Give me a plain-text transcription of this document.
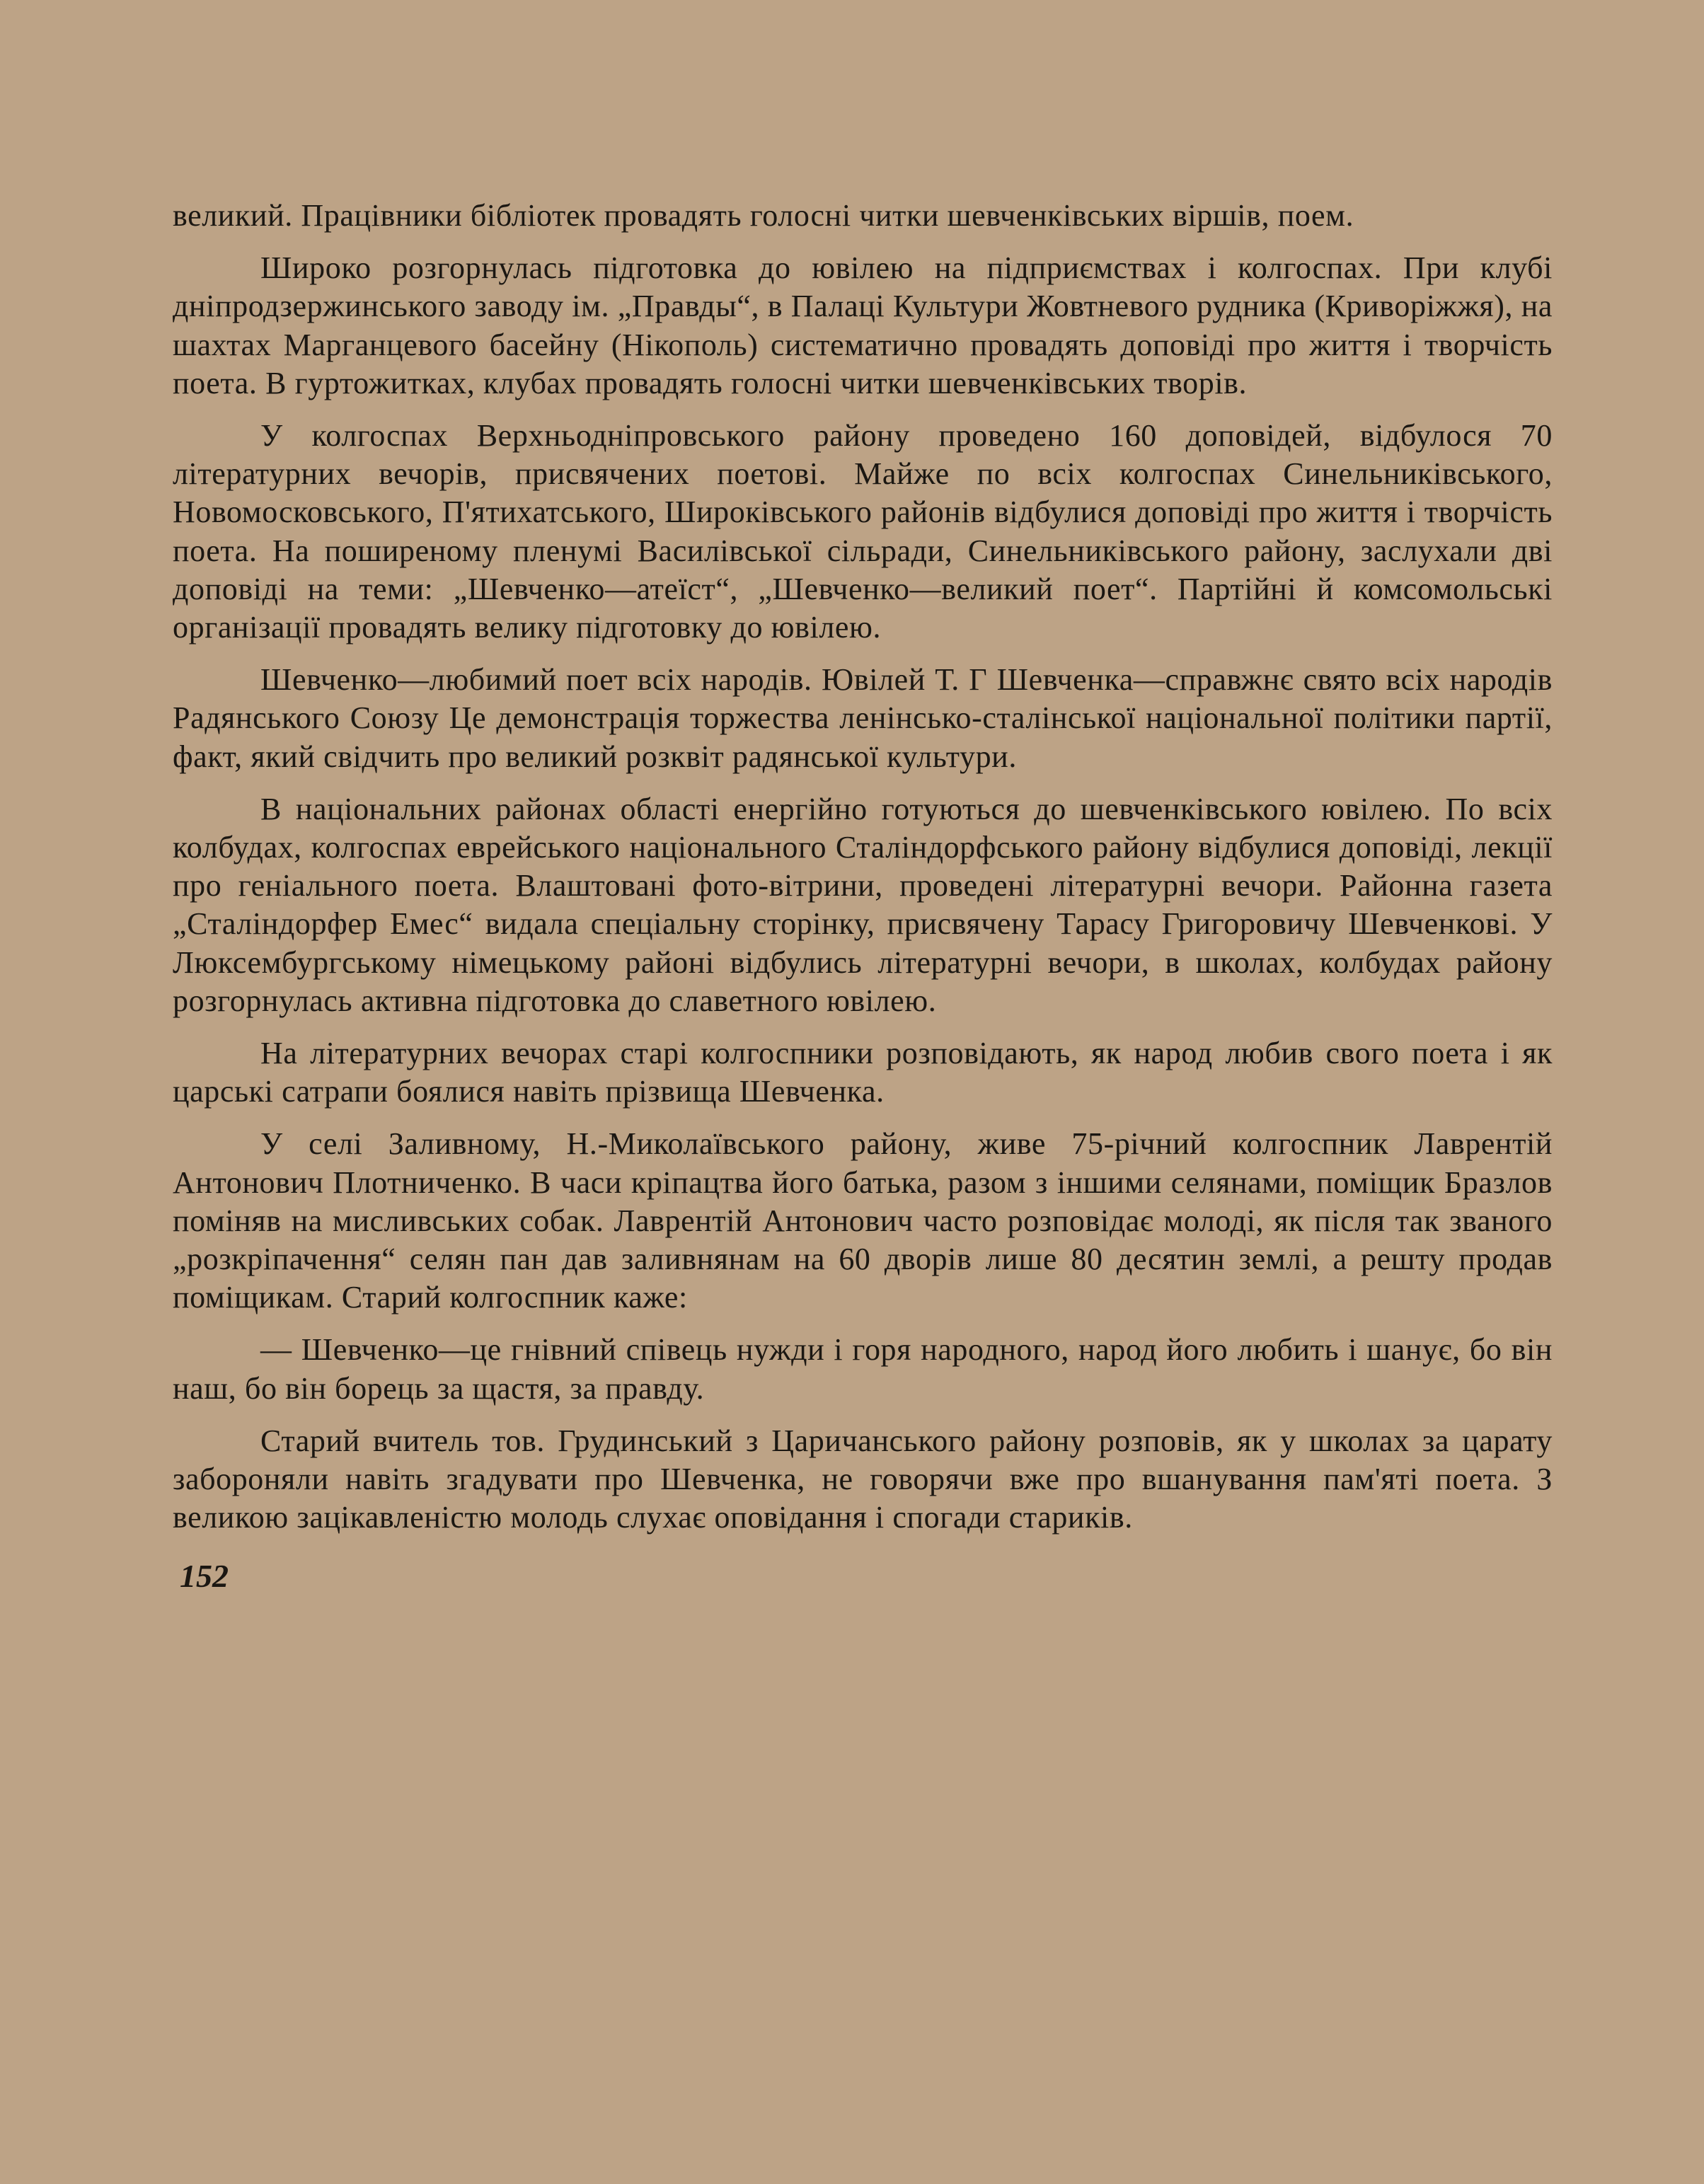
великий. Працівники бібліотек провадять голосні читки шевченківських віршів, поем.

Широко розгорнулась підготовка до ювілею на підприємствах і колгоспах. При клубі дніпродзержинського заводу ім. „Правды“, в Палаці Культури Жовтневого рудника (Криворіжжя), на шахтах Марганцевого басейну (Нікополь) систематично провадять доповіді про життя і творчість поета. В гуртожитках, клубах провадять голосні читки шевченківських творів.

У колгоспах Верхньодніпровського району проведено 160 доповідей, відбулося 70 літературних вечорів, присвячених поетові. Майже по всіх колгоспах Синельниківського, Новомосковського, П'ятихатського, Широківського районів відбулися доповіді про життя і творчість поета. На поширеному пленумі Василівської сільради, Синельниківського району, заслухали дві доповіді на теми: „Шевченко—атеїст“, „Шевченко—великий поет“. Партійні й комсомольські організації провадять велику підготовку до ювілею.

Шевченко—любимий поет всіх народів. Ювілей Т. Г Шевченка—справжнє свято всіх народів Радянського Союзу Це демонстрація торжества ленінсько-сталінської національної політики партії, факт, який свідчить про великий розквіт радянської культури.

В національних районах області енергійно готуються до шевченківського ювілею. По всіх колбудах, колгоспах еврейського національного Сталіндорфського району відбулися доповіді, лекції про геніального поета. Влаштовані фото-вітрини, проведені літературні вечори. Районна газета „Сталіндорфер Емес“ видала спеціальну сторінку, присвячену Тарасу Григоровичу Шевченкові. У Люксембургському німецькому районі відбулись літературні вечори, в школах, колбудах району розгорнулась активна підготовка до славетного ювілею.

На літературних вечорах старі колгоспники розповідають, як народ любив свого поета і як царські сатрапи боялися навіть прізвища Шевченка.

У селі Заливному, Н.-Миколаївського району, живе 75-річний колгоспник Лаврентій Антонович Плотниченко. В часи кріпацтва його батька, разом з іншими селянами, поміщик Бразлов поміняв на мисливських собак. Лаврентій Антонович часто розповідає молоді, як після так званого „розкріпачення“ селян пан дав заливнянам на 60 дворів лише 80 десятин землі, а решту продав поміщикам. Старий колгоспник каже:

— Шевченко—це гнівний співець нужди і горя народного, народ його любить і шанує, бо він наш, бо він борець за щастя, за правду.

Старий вчитель тов. Грудинський з Царичанського району розповів, як у школах за царату забороняли навіть згадувати про Шевченка, не говорячи вже про вшанування пам'яті поета. З великою зацікавленістю молодь слухає оповідання і спогади стариків.

152
